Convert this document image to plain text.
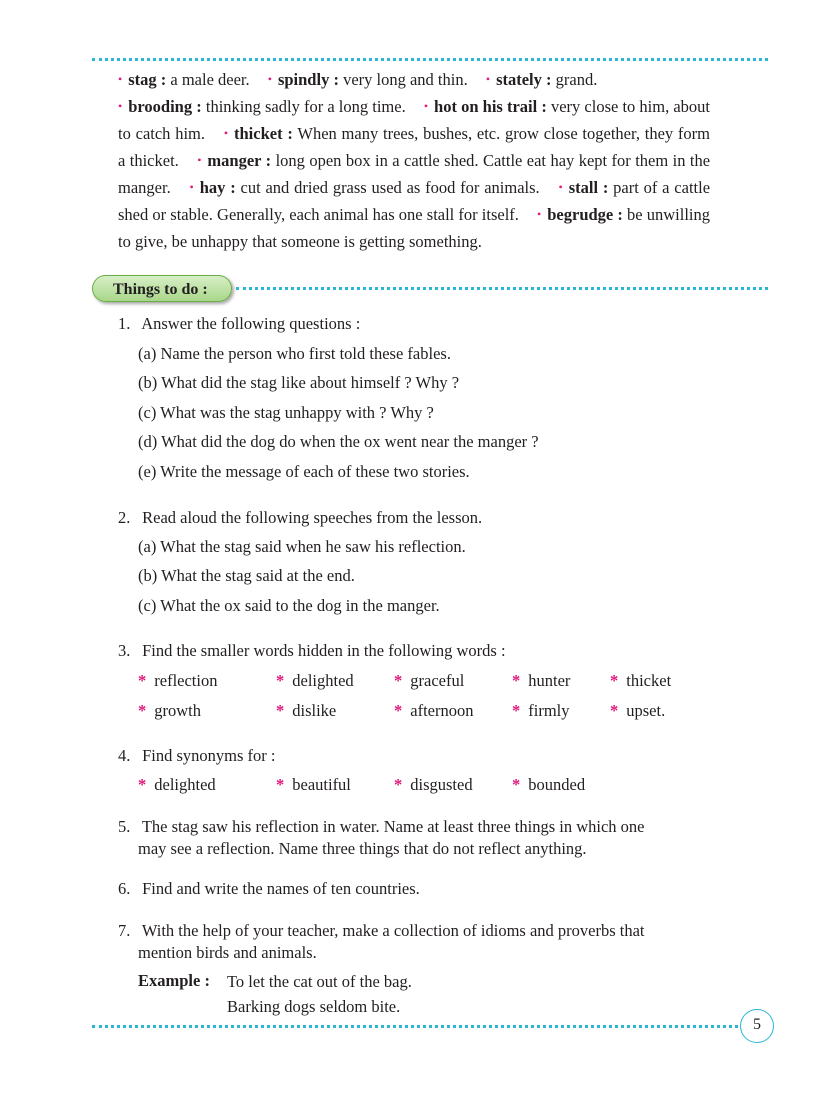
• stag : a male deer. • spindly : very long and thin. • stately : grand.
• brooding : thinking sadly for a long time. • hot on his trail : very close to him, about to catch him. • thicket : When many trees, bushes, etc. grow close together, they form a thicket. • manger : long open box in a cattle shed. Cattle eat hay kept for them in the manger. • hay : cut and dried grass used as food for animals. • stall : part of a cattle shed or stable. Generally, each animal has one stall for itself. • begrudge : be unwilling to give, be unhappy that someone is getting something.
Things to do :
1. Answer the following questions :
(a) Name the person who first told these fables.
(b) What did the stag like about himself ? Why ?
(c) What was the stag unhappy with ? Why ?
(d) What did the dog do when the ox went near the manger ?
(e) Write the message of each of these two stories.
2. Read aloud the following speeches from the lesson.
(a) What the stag said when he saw his reflection.
(b) What the stag said at the end.
(c) What the ox said to the dog in the manger.
3. Find the smaller words hidden in the following words :
* reflection	* delighted * graceful	* hunter * thicket
* growth	* dislike	* afternoon * firmly * upset.
4. Find synonyms for :
* delighted	* beautiful	* disgusted * bounded
5. The stag saw his reflection in water. Name at least three things in which one
may see a reflection. Name three things that do not reflect anything.
6. Find and write the names of ten countries.
7. With the help of your teacher, make a collection of idioms and proverbs that
mention birds and animals.
Example : To let the cat out of the bag.
Barking dogs seldom bite.
5
